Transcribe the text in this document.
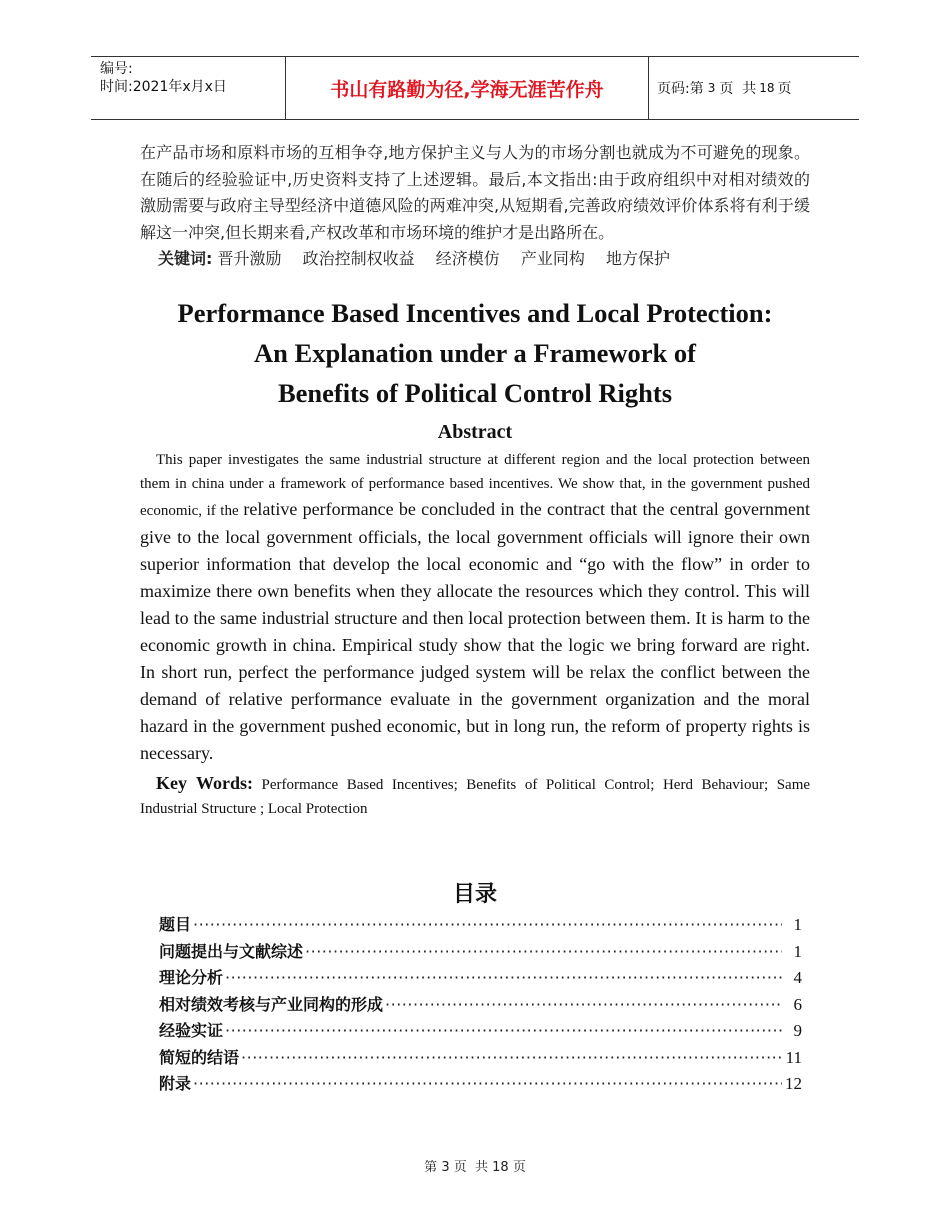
编号:
时间:2021年x月x日	书山有路勤为径,学海无涯苦作舟	页码:第 3 页  共 18 页

在产品市场和原料市场的互相争夺,地方保护主义与人为的市场分割也就成为不可避免的现象。在随后的经验验证中,历史资料支持了上述逻辑。最后,本文指出:由于政府组织中对相对绩效的激励需要与政府主导型经济中道德风险的两难冲突,从短期看,完善政府绩效评价体系将有利于缓解这一冲突,但长期来看,产权改革和市场环境的维护才是出路所在。

关键词: 晋升激励 政治控制权收益 经济模仿 产业同构 地方保护

Performance Based Incentives and Local Protection:
An Explanation under a Framework of
Benefits of Political Control Rights
Abstract

This paper investigates the same industrial structure at different region and the local protection between them in china under a framework of performance based incentives. We show that, in the government pushed economic, if the relative performance be concluded in the contract that the central government give to the local government officials, the local government officials will ignore their own superior information that develop the local economic and “go with the flow” in order to maximize there own benefits when they allocate the resources which they control. This will lead to the same industrial structure and then local protection between them. It is harm to the economic growth in china. Empirical study show that the logic we bring forward are right. In short run, perfect the performance judged system will be relax the conflict between the demand of relative performance evaluate in the government organization and the moral hazard in the government pushed economic, but in long run, the reform of property rights is necessary.

Key Words: Performance Based Incentives; Benefits of Political Control; Herd Behaviour; Same Industrial Structure ; Local Protection

目录
题目 ·····	1
问题提出与文献综述 ·····	1
理论分析 ·····	4
相对绩效考核与产业同构的形成 ·····	6
经验实证 ·····	9
简短的结语 ·····	11
附录 ·····	12
第 3 页  共 18 页
